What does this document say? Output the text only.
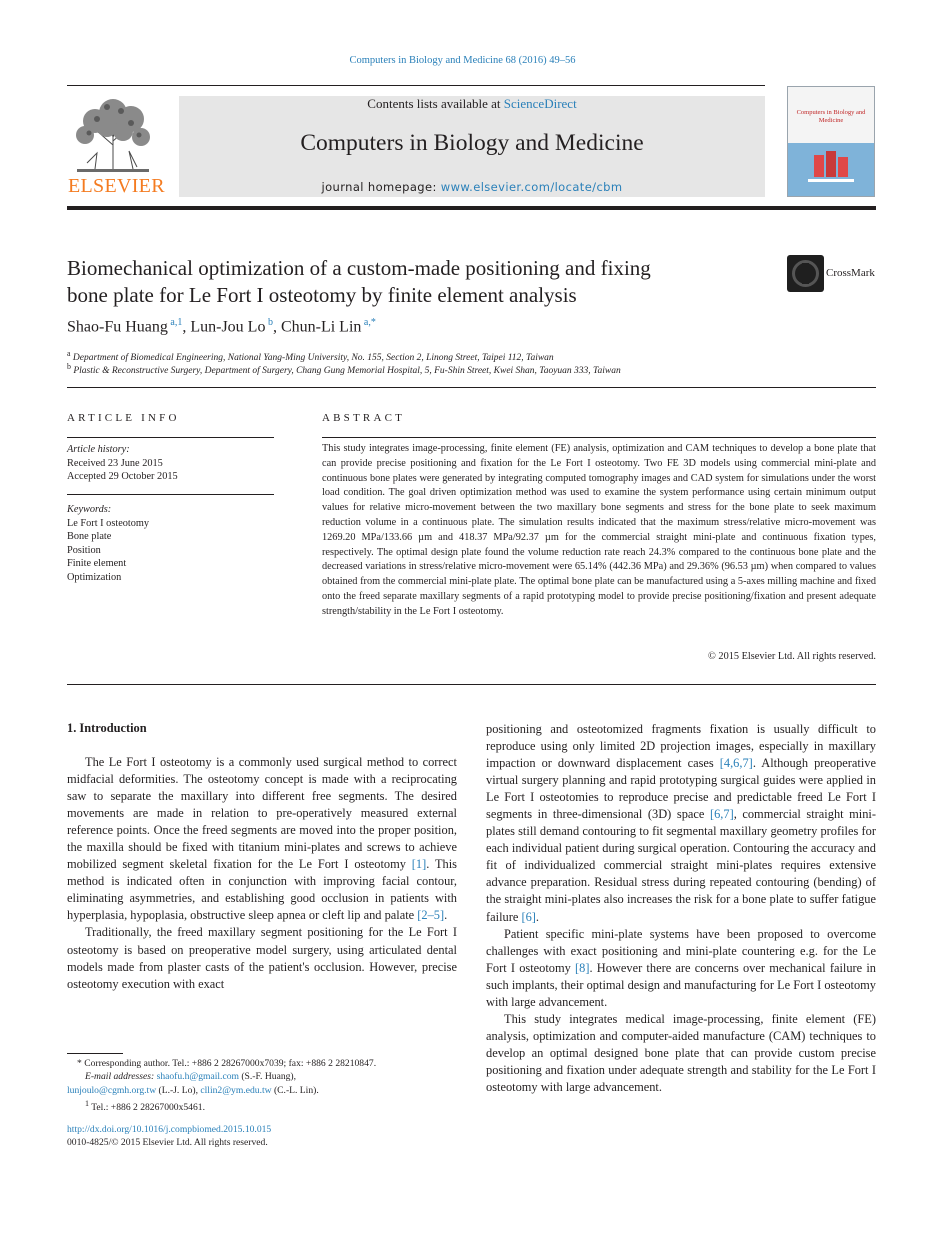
Computers in Biology and Medicine 68 (2016) 49–56
ELSEVIER
Contents lists available at ScienceDirect
Computers in Biology and Medicine
journal homepage: www.elsevier.com/locate/cbm
Computers in Biology and Medicine
Biomechanical optimization of a custom-made positioning and fixing
bone plate for Le Fort I osteotomy by finite element analysis
CrossMark
Shao-Fu Huang $^{a,1}$, Lun-Jou Lo $^b$, Chun-Li Lin $^{a,*}$
$^a$ Department of Biomedical Engineering, National Yang-Ming University, No. 155, Section 2, Linong Street, Taipei 112, Taiwan
$^b$ Plastic & Reconstructive Surgery, Department of Surgery, Chang Gung Memorial Hospital, 5, Fu-Shin Street, Kwei Shan, Taoyuan 333, Taiwan
ARTICLE INFO
Article history:
Received 23 June 2015
Accepted 29 October 2015
Keywords:
Le Fort I osteotomy
Bone plate
Position
Finite element
Optimization
ABSTRACT
This study integrates image-processing, finite element (FE) analysis, optimization and CAM techniques to develop a bone plate that can provide precise positioning and fixation for the Le Fort I osteotomy. Two FE 3D models using commercial mini-plate and continuous bone plates were generated by integrating computed tomography images and CAD system for simulations under the worst load condition. The goal driven optimization method was used to examine the system performance using certain minimum output values for relative micro-movement between the two maxillary bone segments and stress for the bone plate to seek maximum reduction volume in a continuous plate. The simulation results indicated that the maximum stress/relative micro-movement was 1269.20 MPa/133.66 µm and 418.37 MPa/92.37 µm for the commercial straight mini-plate and continuous fixation types, respectively. The optimal design plate found the volume reduction rate reach 24.3% compared to the continuous bone plate and the decreased variations in stress/relative micro-movement were 65.14% (442.36 MPa) and 29.36% (96.53 µm) when compared to values obtained from the commercial mini-plate plate. The optimal bone plate can be manufactured using a 5-axes milling machine and fixed onto the freed separate maxillary segments of a rapid prototyping model to provide precise positioning/fixation and present adequate strength/stability in the Le Fort I osteotomy.
© 2015 Elsevier Ltd. All rights reserved.
1. Introduction

The Le Fort I osteotomy is a commonly used surgical method to correct midfacial deformities. The osteotomy concept is made with a reciprocating saw to separate the maxillary into different free segments. The desired movements are made in relation to pre-operatively measured external reference points. Once the freed segments are moved into the proper position, the maxilla should be fixed with titanium mini-plates and screws to achieve mobilized segment skeletal fixation for the Le Fort I osteotomy [1]. This method is indicated often in conjunction with improving facial contour, eliminating asymmetries, and establishing good occlusion in patients with hyperplasia, hypoplasia, obstructive sleep apnea or cleft lip and palate [2–5].

Traditionally, the freed maxillary segment positioning for the Le Fort I osteotomy is based on preoperative model surgery, using articulated dental models made from plaster casts of the patient's occlusion. However, precise osteotomy execution with exact

* Corresponding author. Tel.: +886 2 28267000x7039; fax: +886 2 28210847.
E-mail addresses: shaofu.h@gmail.com (S.-F. Huang),
lunjoulo@cgmh.org.tw (L.-J. Lo), cllin2@ym.edu.tw (C.-L. Lin).
$^1$ Tel.: +886 2 28267000x5461.
http://dx.doi.org/10.1016/j.compbiomed.2015.10.015
0010-4825/© 2015 Elsevier Ltd. All rights reserved.

positioning and osteotomized fragments fixation is usually difficult to reproduce using only limited 2D projection images, especially in maxillary impaction or downward displacement cases [4,6,7]. Although preoperative virtual surgery planning and rapid prototyping surgical guides were applied in Le Fort I osteotomies to reproduce precise and predictable freed Le Fort I segments in three-dimensional (3D) space [6,7], commercial straight mini-plates still demand contouring to fit segmental maxillary geometry profiles for each individual patient during surgical operation. Contouring the accuracy and fit of individualized commercial straight mini-plates requires extensive advance preparation. Residual stress during repeated contouring (bending) of the straight mini-plates also increases the risk for a bone plate to suffer fatigue failure [6].

Patient specific mini-plate systems have been proposed to overcome challenges with exact positioning and mini-plate countering e.g. for the Le Fort I osteotomy [8]. However there are concerns over mechanical failure in such implants, their optimal design and manufacturing for Le Fort I osteotomy with large advancement.

This study integrates medical image-processing, finite element (FE) analysis, optimization and computer-aided manufacture (CAM) techniques to develop an optimal designed bone plate that can provide custom precise positioning and fixation under adequate strength and stability for the Le Fort I osteotomy with large advancement.
